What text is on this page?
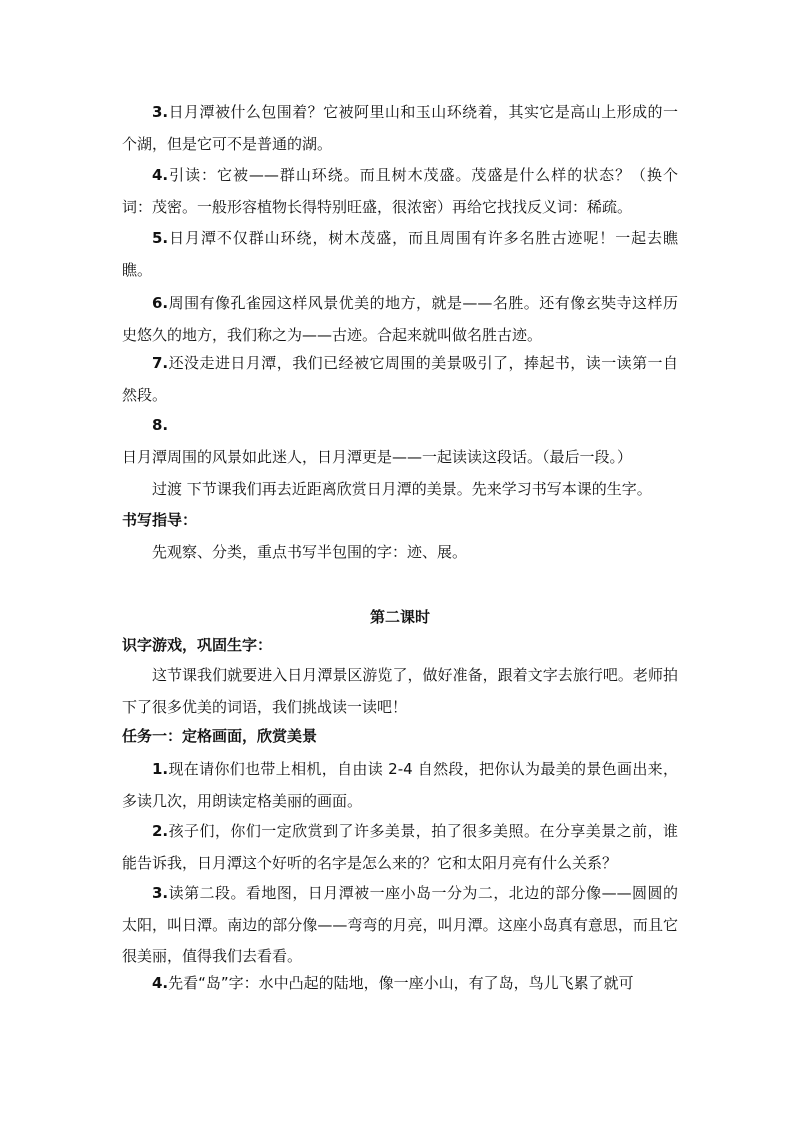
3.日月潭被什么包围着？它被阿里山和玉山环绕着，其实它是高山上形成的一个湖，但是它可不是普通的湖。

4.引读：它被——群山环绕。而且树木茂盛。茂盛是什么样的状态？（换个词：茂密。一般形容植物长得特别旺盛，很浓密）再给它找找反义词：稀疏。

5.日月潭不仅群山环绕，树木茂盛，而且周围有许多名胜古迹呢！一起去瞧瞧。

6.周围有像孔雀园这样风景优美的地方，就是——名胜。还有像玄奘寺这样历史悠久的地方，我们称之为——古迹。合起来就叫做名胜古迹。

7.还没走进日月潭，我们已经被它周围的美景吸引了，捧起书，读一读第一自然段。

8.日月潭周围的风景如此迷人，日月潭更是——一起读读这段话。（最后一段。）

过渡 下节课我们再去近距离欣赏日月潭的美景。先来学习书写本课的生字。

书写指导：

先观察、分类，重点书写半包围的字：迹、展。

第二课时

识字游戏，巩固生字：

这节课我们就要进入日月潭景区游览了，做好准备，跟着文字去旅行吧。老师拍下了很多优美的词语，我们挑战读一读吧！

任务一：定格画面，欣赏美景

1.现在请你们也带上相机，自由读 2-4 自然段，把你认为最美的景色画出来，多读几次，用朗读定格美丽的画面。

2.孩子们，你们一定欣赏到了许多美景，拍了很多美照。在分享美景之前，谁能告诉我，日月潭这个好听的名字是怎么来的？它和太阳月亮有什么关系？

3.读第二段。看地图，日月潭被一座小岛一分为二，北边的部分像——圆圆的太阳，叫日潭。南边的部分像——弯弯的月亮，叫月潭。这座小岛真有意思，而且它很美丽，值得我们去看看。

4.先看“岛”字：水中凸起的陆地，像一座小山，有了岛，鸟儿飞累了就可
